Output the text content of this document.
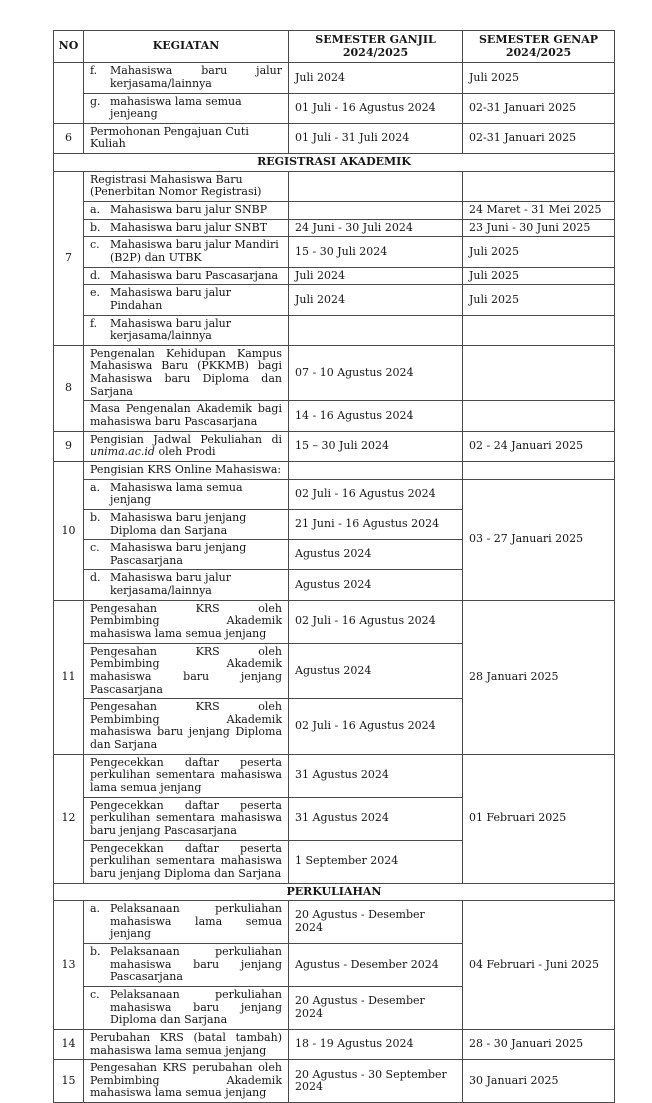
NO	KEGIATAN	SEMESTER GANJIL 2024/2025	SEMESTER GENAP 2024/2025

	f. Mahasiswa baru jalur kerjasama/lainnya	Juli 2024	Juli 2025

	g. mahasiswa lama semua jenjeang	01 Juli - 16 Agustus 2024	02-31 Januari 2025
6	Permohonan Pengajuan Cuti Kuliah	01 Juli - 31 Juli 2024	02-31 Januari 2025
REGISTRASI AKADEMIK			
7	Registrasi Mahasiswa Baru (Penerbitan Nomor Registrasi)		

	a. Mahasiswa baru jalur SNBP		24 Maret - 31 Mei 2025

	b. Mahasiswa baru jalur SNBT	24 Juni - 30 Juli 2024	23 Juni - 30 Juni 2025

	c. Mahasiswa baru jalur Mandiri (B2P) dan UTBK	15 - 30 Juli 2024	Juli 2025

	d. Mahasiswa baru Pascasarjana	Juli 2024	Juli 2025

	e. Mahasiswa baru jalur Pindahan	Juli 2024	Juli 2025

	f. Mahasiswa baru jalur kerjasama/lainnya		

8	Pengenalan Kehidupan Kampus Mahasiswa Baru (PKKMB) bagi Mahasiswa baru Diploma dan Sarjana	07 - 10 Agustus 2024	

	Masa Pengenalan Akademik bagi mahasiswa baru Pascasarjana	14 - 16 Agustus 2024	
9	Pengisian Jadwal Pekuliahan di unima.ac.id oleh Prodi	15 – 30 Juli 2024	02 - 24 Januari 2025
10	Pengisian KRS Online Mahasiswa:		

	a. Mahasiswa lama semua jenjang	02 Juli - 16 Agustus 2024	03 - 27 Januari 2025

	b. Mahasiswa baru jenjang Diploma dan Sarjana	21 Juni - 16 Agustus 2024	

	c. Mahasiswa baru jenjang Pascasarjana	Agustus 2024	

	d. Mahasiswa baru jalur kerjasama/lainnya	Agustus 2024	
11	Pengesahan KRS oleh Pembimbing Akademik mahasiswa lama semua jenjang	02 Juli - 16 Agustus 2024	28 Januari 2025

	Pengesahan KRS oleh Pembimbing Akademik mahasiswa baru jenjang Pascasarjana	Agustus 2024	

	Pengesahan KRS oleh Pembimbing Akademik mahasiswa baru jenjang Diploma dan Sarjana	02 Juli - 16 Agustus 2024	
12	Pengecekkan daftar peserta perkulihan sementara mahasiswa lama semua jenjang	31 Agustus 2024	01 Februari 2025

	Pengecekkan daftar peserta perkulihan sementara mahasiswa baru jenjang Pascasarjana	31 Agustus 2024	

	Pengecekkan daftar peserta perkulihan sementara mahasiswa baru jenjang Diploma dan Sarjana	1 September 2024	
PERKULIAHAN			
13	a. Pelaksanaan perkuliahan mahasiswa lama semua jenjang	20 Agustus - Desember 2024	04 Februari - Juni 2025

	b. Pelaksanaan perkuliahan mahasiswa baru jenjang Pascasarjana	Agustus - Desember 2024	

	c. Pelaksanaan perkuliahan mahasiswa baru jenjang Diploma dan Sarjana	20 Agustus - Desember 2024	
14	Perubahan KRS (batal tambah) mahasiswa lama semua jenjang	18 - 19 Agustus 2024	28 - 30 Januari 2025
15	Pengesahan KRS perubahan oleh Pembimbing Akademik mahasiswa lama semua jenjang	20 Agustus - 30 September 2024	30 Januari 2025
